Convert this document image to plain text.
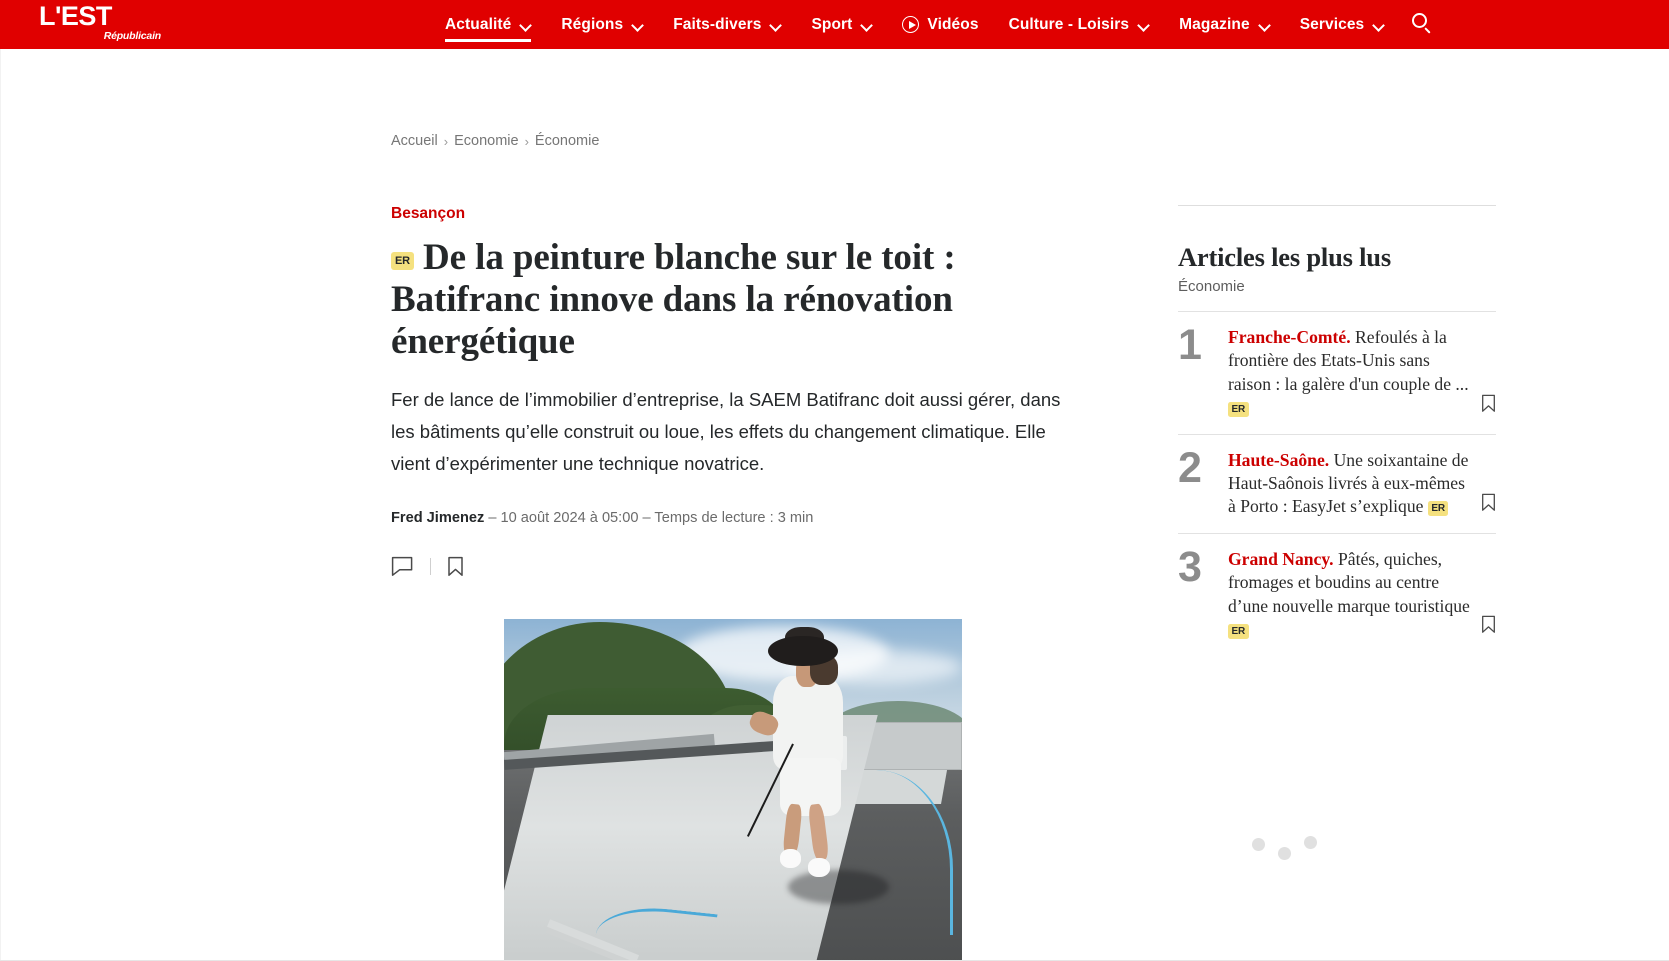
L'EST
Républicain
Actualité	Régions	Faits-divers	Sport	Vidéos Culture - Loisirs	Magazine	Services
Accueil › Economie › Économie
Besançon
ER De la peinture blanche sur le toit : Batifranc innove dans la rénovation énergétique

Fer de lance de l’immobilier d’entreprise, la SAEM Batifranc doit aussi gérer, dans les bâtiments qu’elle construit ou loue, les effets du changement climatique. Elle vient d’expérimenter une technique novatrice.

Fred Jimenez – 10 août 2024 à 05:00 – Temps de lecture : 3 min
Articles les plus lus
Économie
1	Franche-Comté. Refoulés à la frontière des Etats-Unis sans raison : la galère d'un couple de ... ER
2	Haute-Saône. Une soixantaine de Haut-Saônois livrés à eux-mêmes à Porto : EasyJet s’explique ER
3	Grand Nancy. Pâtés, quiches, fromages et boudins au centre d’une nouvelle marque touristique ER
